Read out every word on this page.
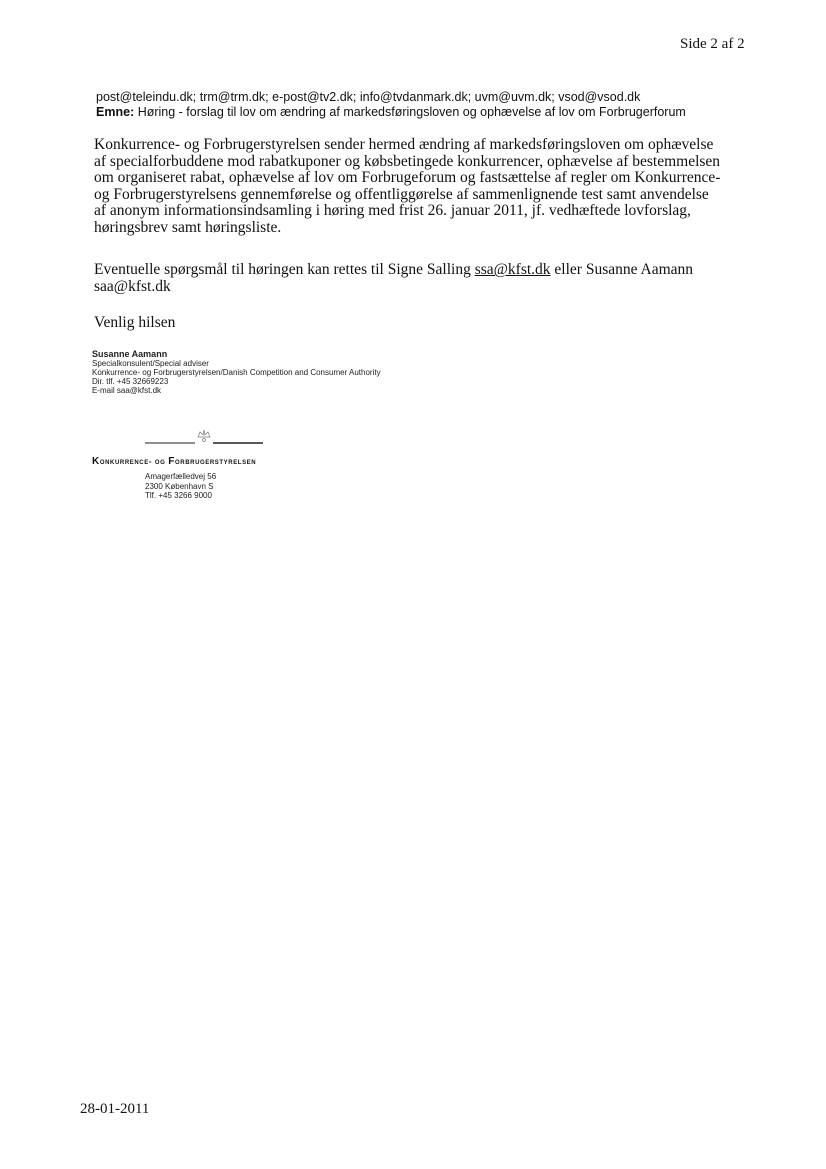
Side 2 af 2
post@teleindu.dk; trm@trm.dk; e-post@tv2.dk; info@tvdanmark.dk; uvm@uvm.dk; vsod@vsod.dk
Emne: Høring - forslag til lov om ændring af markedsføringsloven og ophævelse af lov om Forbrugerforum
Konkurrence- og Forbrugerstyrelsen sender hermed ændring af markedsføringsloven om ophævelse
af specialforbuddene mod rabatkuponer og købsbetingede konkurrencer, ophævelse af bestemmelsen
om organiseret rabat, ophævelse af lov om Forbrugeforum og fastsættelse af regler om Konkurrence-
og Forbrugerstyrelsens gennemførelse og offentliggørelse af sammenlignende test samt anvendelse
af anonym informationsindsamling i høring med frist 26. januar 2011, jf. vedhæftede lovforslag,
høringsbrev samt høringsliste.
Eventuelle spørgsmål til høringen kan rettes til Signe Salling ssa@kfst.dk eller Susanne Aamann
saa@kfst.dk
Venlig hilsen
Susanne Aamann
Specialkonsulent/Special adviser
Konkurrence- og Forbrugerstyrelsen/Danish Competition and Consumer Authority
Dir. tlf. +45 32669223
E-mail saa@kfst.dk
Konkurrence- og Forbrugerstyrelsen
Amagerfælledvej 56
2300 København S
Tlf. +45 3266 9000
28-01-2011
